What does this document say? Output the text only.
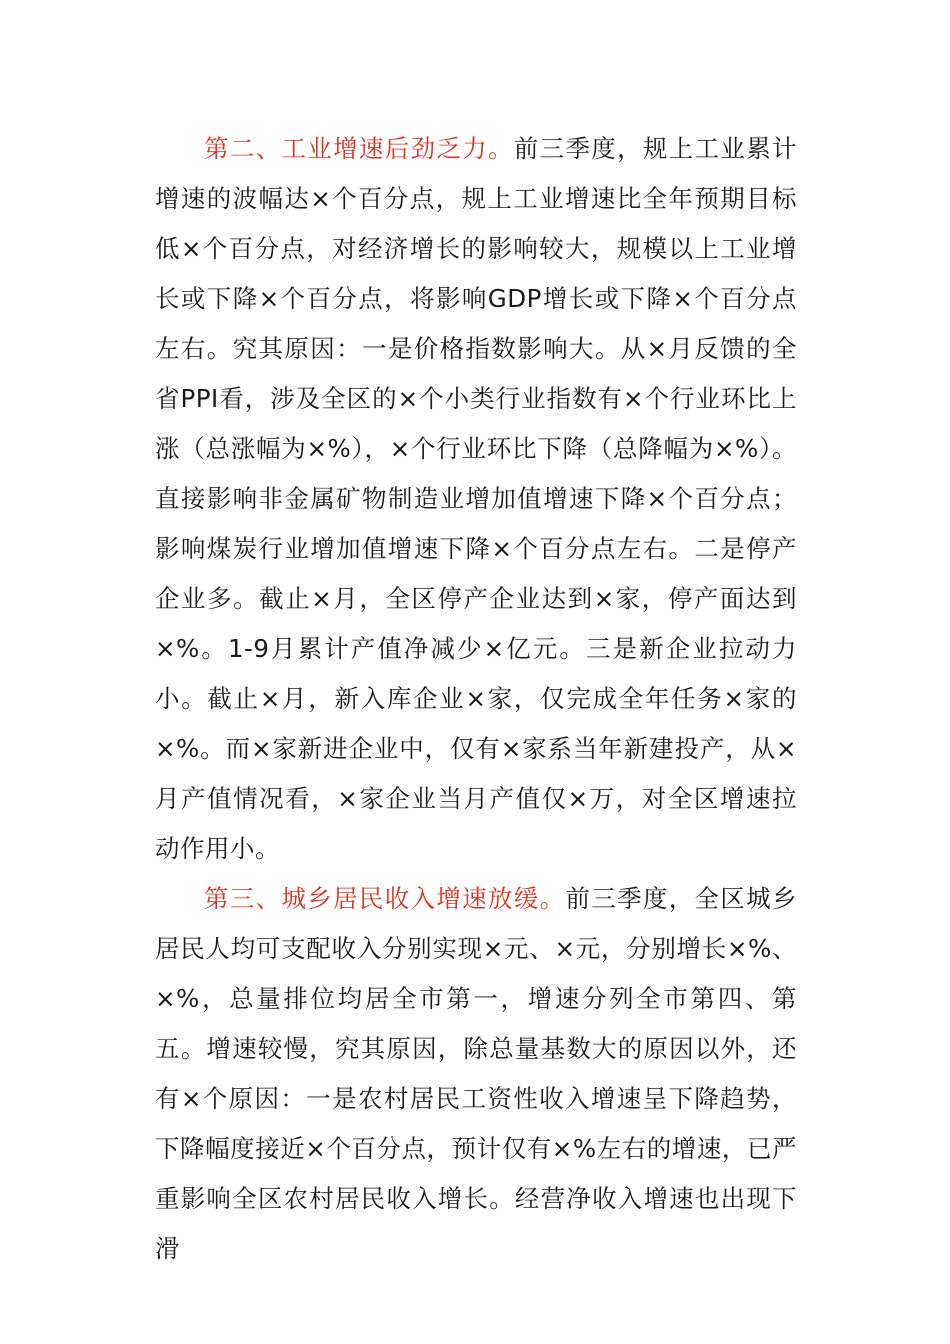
第二、工业增速后劲乏力。前三季度，规上工业累计增速的波幅达×个百分点，规上工业增速比全年预期目标低×个百分点，对经济增长的影响较大，规模以上工业增长或下降×个百分点，将影响GDP增长或下降×个百分点左右。究其原因：一是价格指数影响大。从×月反馈的全省PPI看，涉及全区的×个小类行业指数有×个行业环比上涨（总涨幅为×%），×个行业环比下降（总降幅为×%）。直接影响非金属矿物制造业增加值增速下降×个百分点；影响煤炭行业增加值增速下降×个百分点左右。二是停产企业多。截止×月，全区停产企业达到×家，停产面达到×%。1-9月累计产值净减少×亿元。三是新企业拉动力小。截止×月，新入库企业×家，仅完成全年任务×家的×%。而×家新进企业中，仅有×家系当年新建投产，从×月产值情况看，×家企业当月产值仅×万，对全区增速拉动作用小。

第三、城乡居民收入增速放缓。前三季度，全区城乡居民人均可支配收入分别实现×元、×元，分别增长×%、×%，总量排位均居全市第一，增速分列全市第四、第五。增速较慢，究其原因，除总量基数大的原因以外，还有×个原因：一是农村居民工资性收入增速呈下降趋势，下降幅度接近×个百分点，预计仅有×%左右的增速，已严重影响全区农村居民收入增长。经营净收入增速也出现下滑
